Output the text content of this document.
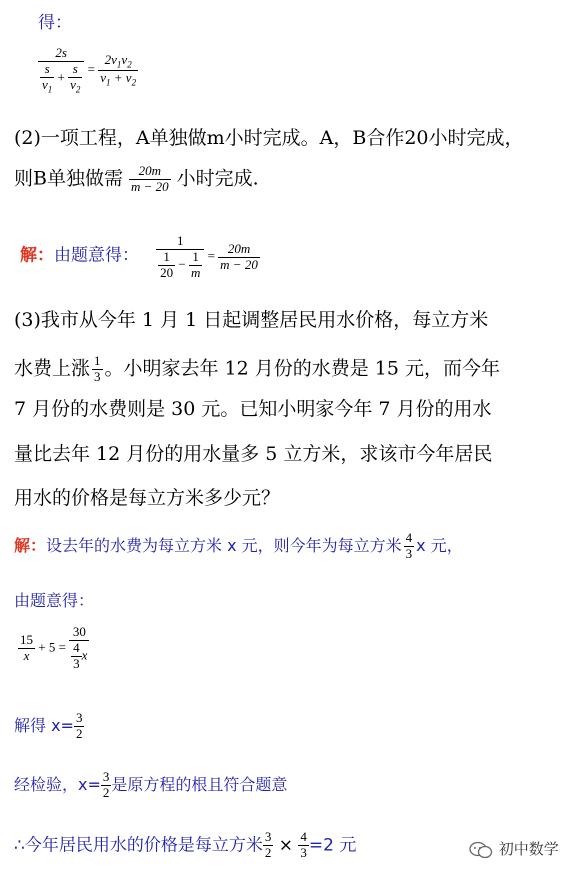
得：
$\frac{2s}{\frac{s}{v_1} + \frac{s}{v_2}} = \frac{2v_1v_2}{v_1 + v_2}$
(2)一项工程，A单独做m小时完成。A，B合作20小时完成，
则B单独做需 $\frac{20m}{m - 20}$ 小时完成.
解：由题意得： $\frac{1}{\frac{1}{20} - \frac{1}{m}} = \frac{20m}{m - 20}$
(3)我市从今年 1 月 1 日起调整居民用水价格，每立方米
水费上涨 $\frac{1}{3}$ 。小明家去年 12 月份的水费是 15 元，而今年
7 月份的水费则是 30 元。已知小明家今年 7 月份的用水
量比去年 12 月份的用水量多 5 立方米，求该市今年居民
用水的价格是每立方米多少元？
解：设去年的水费为每立方米 x 元，则今年为每立方米 $\frac{4}{3}$ x 元，
由题意得：
$\frac{15}{x} + 5 = \frac{30}{\frac{4}{3} x}$
解得 $x= \frac{3}{2}$
经检验，$x= \frac{3}{2}$ 是原方程的根且符合题意
∴今年居民用水的价格是每立方米 $\frac{3}{2} \times \frac{4}{3} =2$ 元	初中数学
